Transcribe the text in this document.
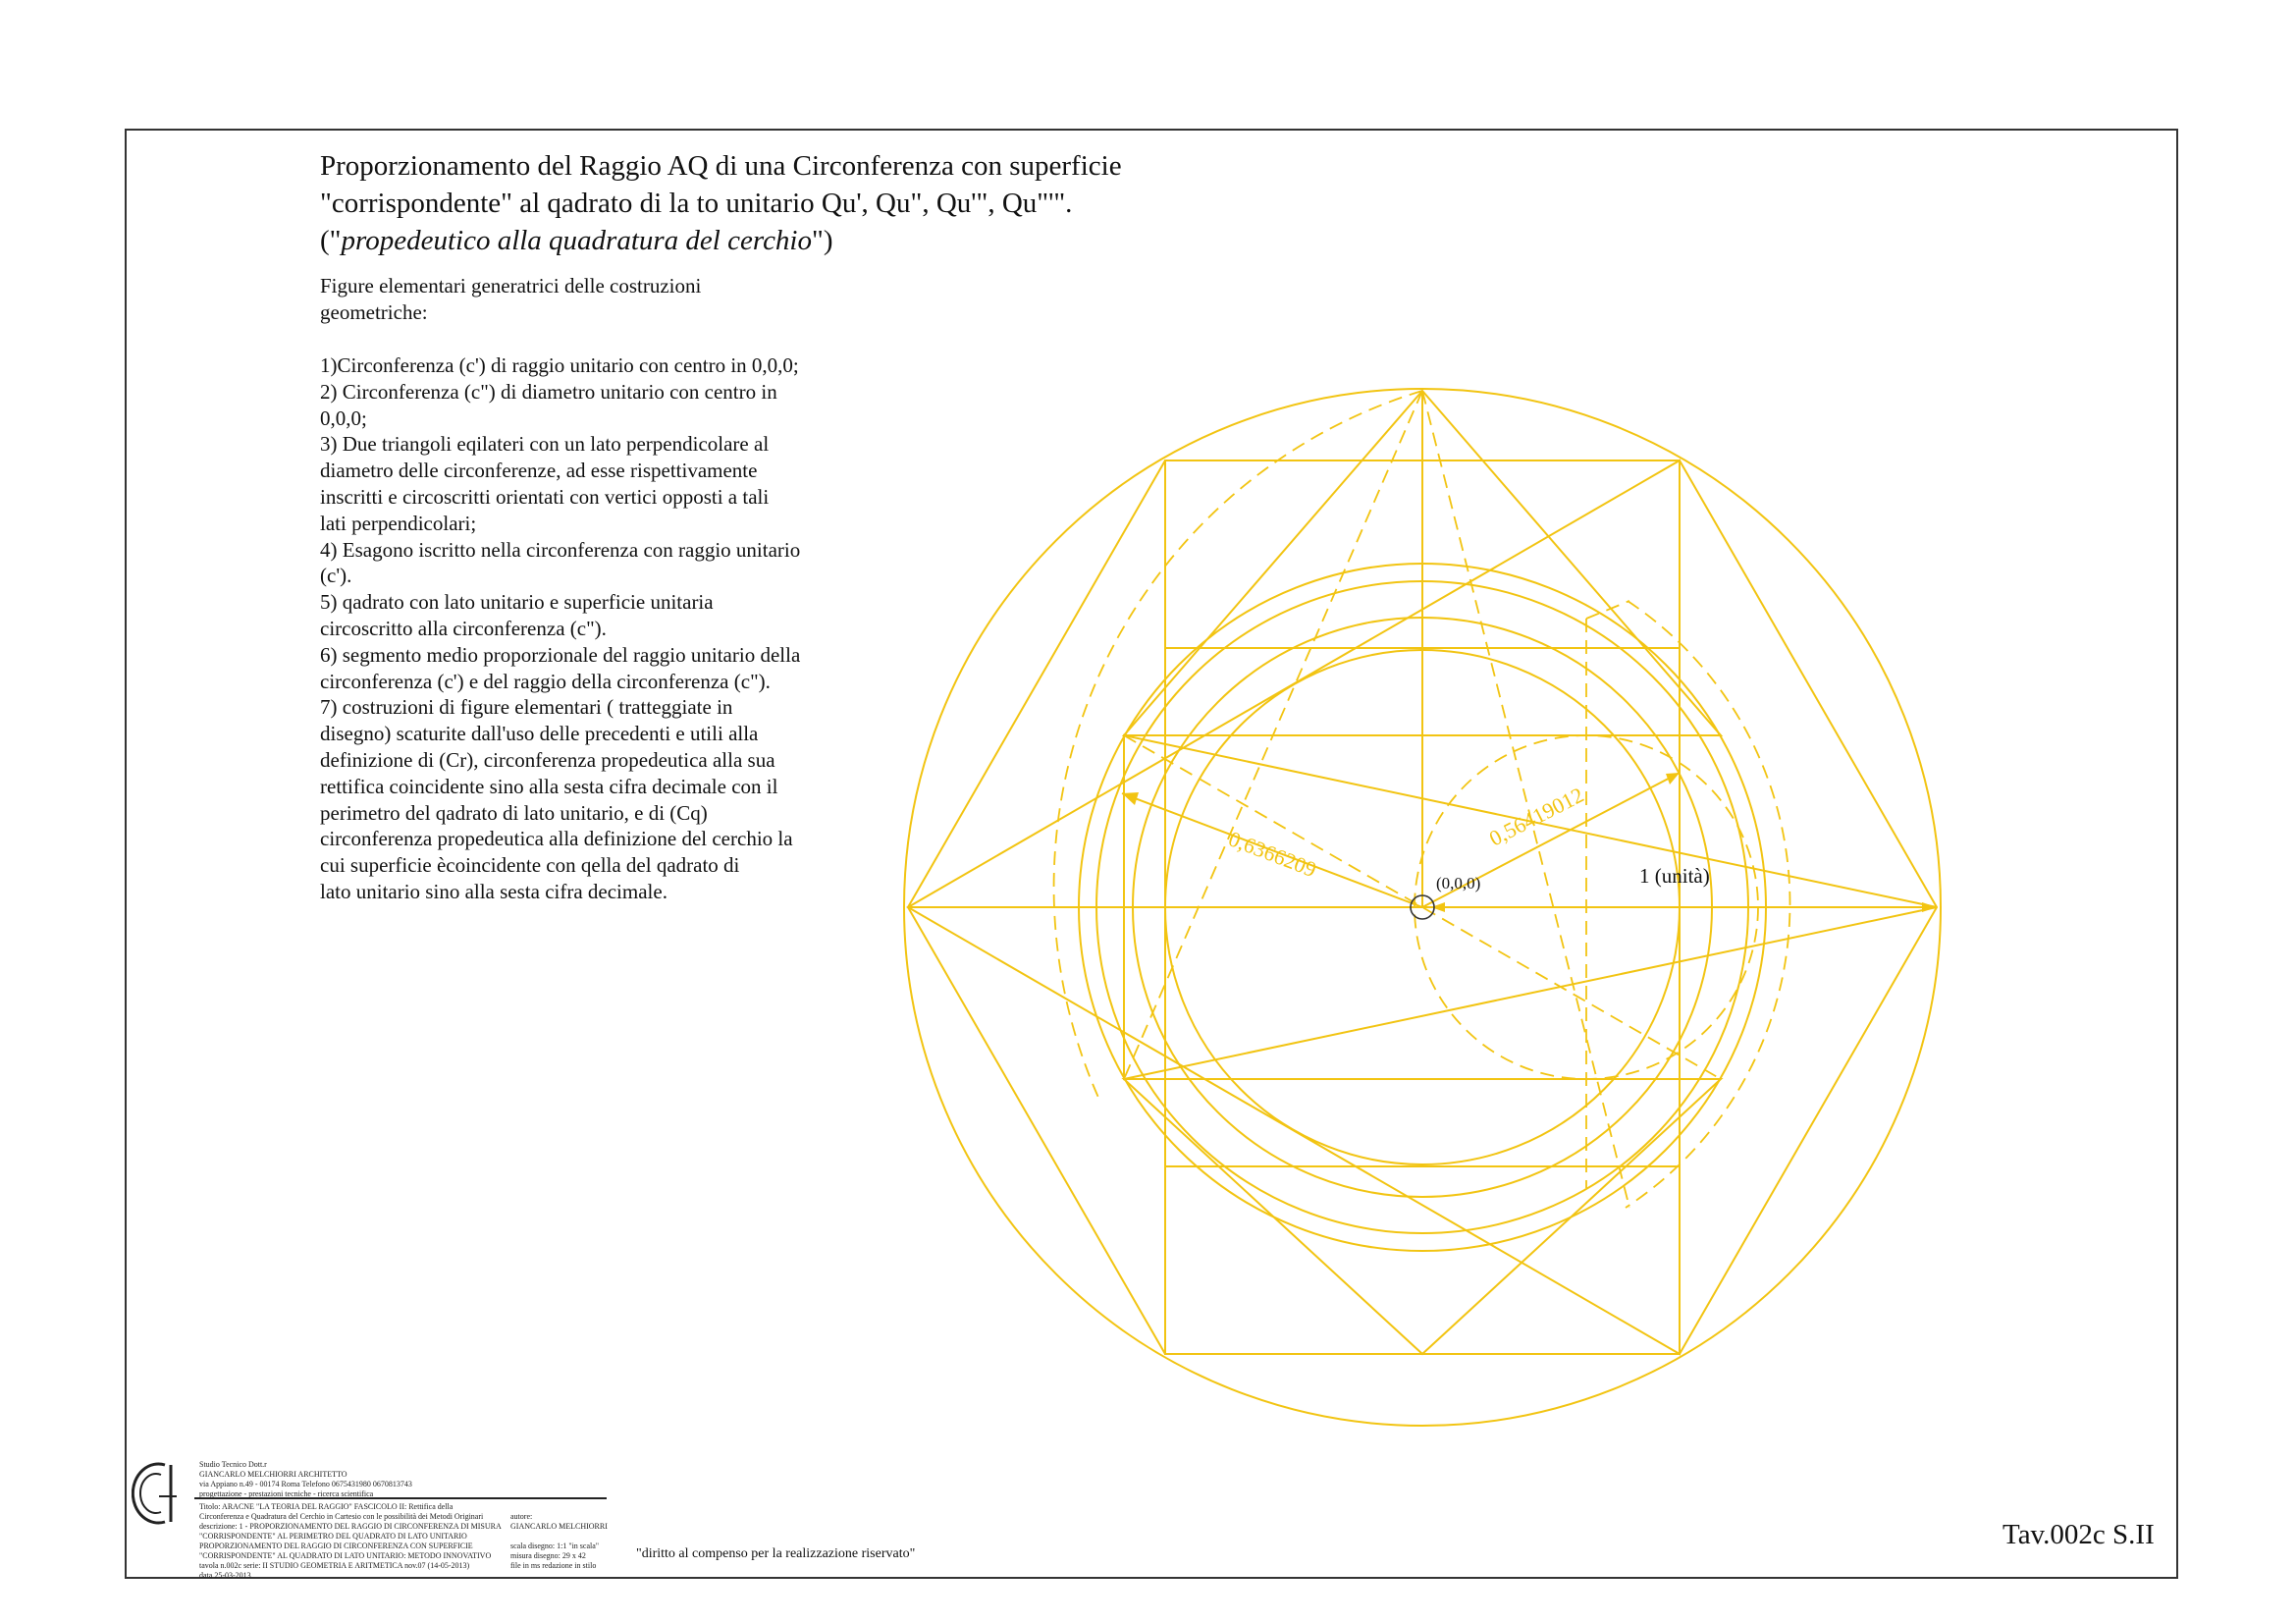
Proporzionamento del Raggio AQ di una Circonferenza con superficie
"corrispondente" al qadrato di la to unitario Qu', Qu", Qu'", Qu"'".
("propedeutico alla quadratura del cerchio")

Figure elementari generatrici delle costruzioni

geometriche:

1)Circonferenza (c') di raggio unitario con centro in 0,0,0;

2) Circonferenza (c") di diametro unitario con centro in

0,0,0;

3) Due triangoli eqilateri con un lato perpendicolare al

diametro delle circonferenze, ad esse rispettivamente

inscritti e circoscritti orientati con vertici opposti a tali

lati perpendicolari;

4) Esagono iscritto nella circonferenza con raggio unitario

(c').

5) qadrato con lato unitario e superficie unitaria

circoscritto alla circonferenza (c").

6) segmento medio proporzionale del raggio unitario della

circonferenza (c') e del raggio della circonferenza (c").

7) costruzioni di figure elementari ( tratteggiate in

disegno) scaturite dall'uso delle precedenti e utili alla

definizione di (Cr), circonferenza propedeutica alla sua

rettifica coincidente sino alla sesta cifra decimale con il

perimetro del qadrato di lato unitario, e di (Cq)

circonferenza propedeutica alla definizione del cerchio la

cui superficie ècoincidente con qella del qadrato di

lato unitario sino alla sesta cifra decimale.

0,6366209
0,56419012
(0,0,0)	1 (unità)
Studio Tecnico Dott.r
GIANCARLO MELCHIORRI ARCHITETTO
via Appiano n.49 - 00174 Roma Telefono 0675431980 0670813743
progettazione - prestazioni tecniche - ricerca scientifica
Titolo: ARACNE "LA TEORIA DEL RAGGIO" FASCICOLO II: Rettifica della
Circonferenza e Quadratura del Cerchio in Cartesio con le possibilità dei Metodi Originari
descrizione: 1 - PROPORZIONAMENTO DEL RAGGIO DI CIRCONFERENZA DI MISURA
"CORRISPONDENTE" AL PERIMETRO DEL QUADRATO DI LATO UNITARIO
PROPORZIONAMENTO DEL RAGGIO DI CIRCONFERENZA CON SUPERFICIE
"CORRISPONDENTE" AL QUADRATO DI LATO UNITARIO: METODO INNOVATIVO
tavola n.002c serie: II STUDIO GEOMETRIA E ARITMETICA nov.07 (14-05-2013)
data 25-03-2013
autore:
GIANCARLO MELCHIORRI

scala disegno: 1:1 "in scala"
misura disegno: 29 x 42
file in ms redazione in stilo
"diritto al compenso per la realizzazione riservato"
Tav.002c S.II
